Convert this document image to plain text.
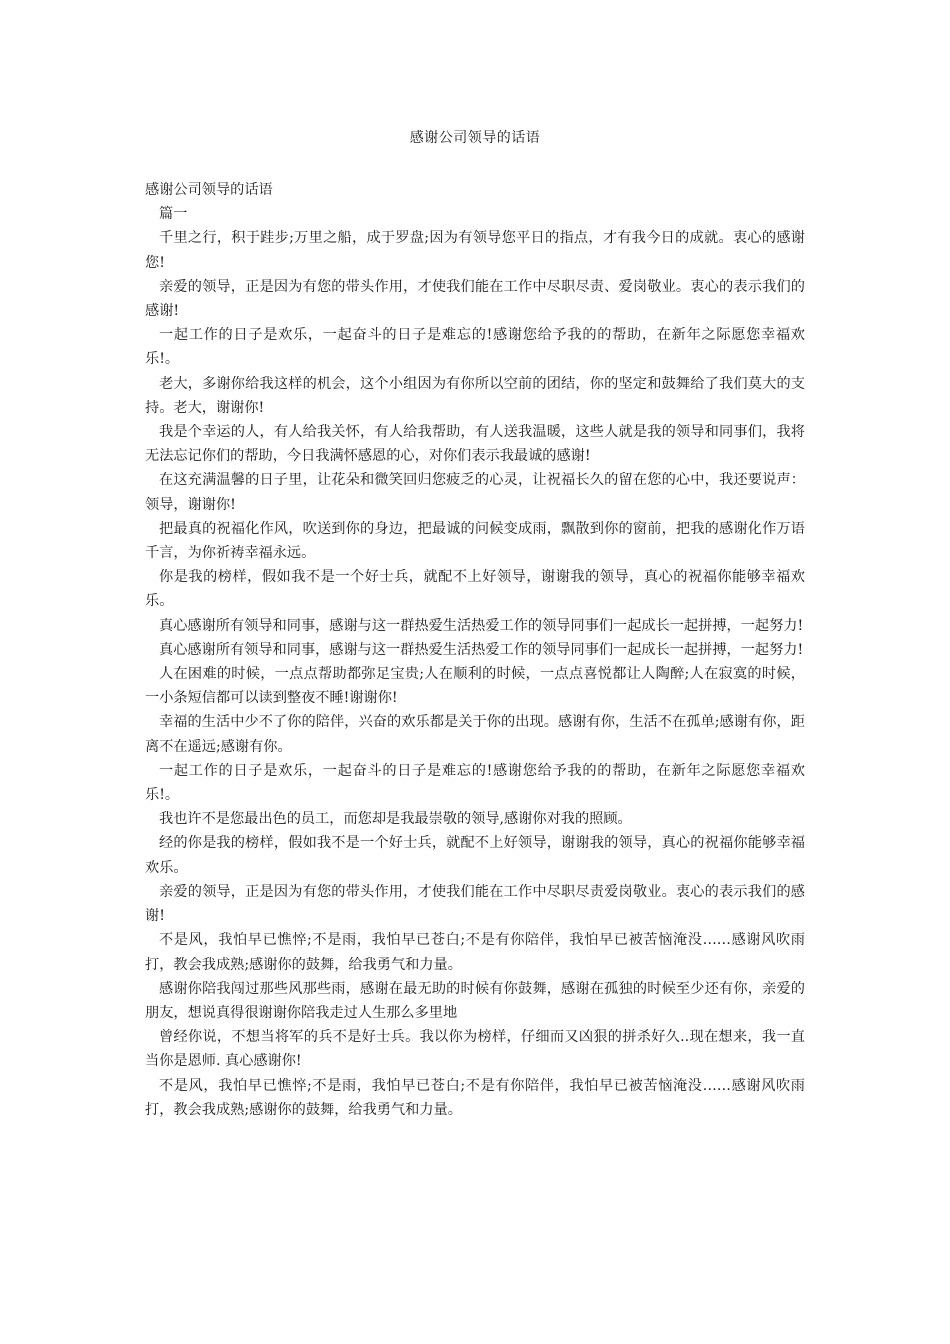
感谢公司领导的话语

感谢公司领导的话语

篇一

千里之行，积于跬步;万里之船，成于罗盘;因为有领导您平日的指点，才有我今日的成就。衷心的感谢您!

亲爱的领导，正是因为有您的带头作用，才使我们能在工作中尽职尽责、爱岗敬业。衷心的表示我们的感谢!

一起工作的日子是欢乐，一起奋斗的日子是难忘的!感谢您给予我的的帮助，在新年之际愿您幸福欢乐!。

老大，多谢你给我这样的机会，这个小组因为有你所以空前的团结，你的坚定和鼓舞给了我们莫大的支持。老大，谢谢你!

我是个幸运的人，有人给我关怀，有人给我帮助，有人送我温暖，这些人就是我的领导和同事们，我将无法忘记你们的帮助，今日我满怀感恩的心，对你们表示我最诚的感谢!

在这充满温馨的日子里，让花朵和微笑回归您疲乏的心灵，让祝福长久的留在您的心中，我还要说声：领导，谢谢你!

把最真的祝福化作风，吹送到你的身边，把最诚的问候变成雨，飘散到你的窗前，把我的感谢化作万语千言，为你祈祷幸福永远。

你是我的榜样，假如我不是一个好士兵，就配不上好领导，谢谢我的领导，真心的祝福你能够幸福欢乐。

真心感谢所有领导和同事，感谢与这一群热爱生活热爱工作的领导同事们一起成长一起拼搏，一起努力!

真心感谢所有领导和同事，感谢与这一群热爱生活热爱工作的领导同事们一起成长一起拼搏，一起努力!

人在困难的时候，一点点帮助都弥足宝贵;人在顺利的时候，一点点喜悦都让人陶醉;人在寂寞的时候，一小条短信都可以读到整夜不睡!谢谢你!

幸福的生活中少不了你的陪伴，兴奋的欢乐都是关于你的出现。感谢有你，生活不在孤单;感谢有你，距离不在遥远;感谢有你。

一起工作的日子是欢乐，一起奋斗的日子是难忘的!感谢您给予我的的帮助，在新年之际愿您幸福欢乐!。

我也许不是您最出色的员工，而您却是我最崇敬的领导,感谢你对我的照顾。

经的你是我的榜样，假如我不是一个好士兵，就配不上好领导，谢谢我的领导，真心的祝福你能够幸福欢乐。

亲爱的领导，正是因为有您的带头作用，才使我们能在工作中尽职尽责爱岗敬业。衷心的表示我们的感谢!

不是风，我怕早已憔悴;不是雨，我怕早已苍白;不是有你陪伴，我怕早已被苦恼淹没……感谢风吹雨打，教会我成熟;感谢你的鼓舞，给我勇气和力量。

感谢你陪我闯过那些风那些雨，感谢在最无助的时候有你鼓舞，感谢在孤独的时候至少还有你，亲爱的朋友，想说真得很谢谢你陪我走过人生那么多里地

曾经你说，不想当将军的兵不是好士兵。我以你为榜样，仔细而又凶狠的拼杀好久..现在想来，我一直当你是恩师. 真心感谢你!

不是风，我怕早已憔悴;不是雨，我怕早已苍白;不是有你陪伴，我怕早已被苦恼淹没……感谢风吹雨打，教会我成熟;感谢你的鼓舞，给我勇气和力量。
